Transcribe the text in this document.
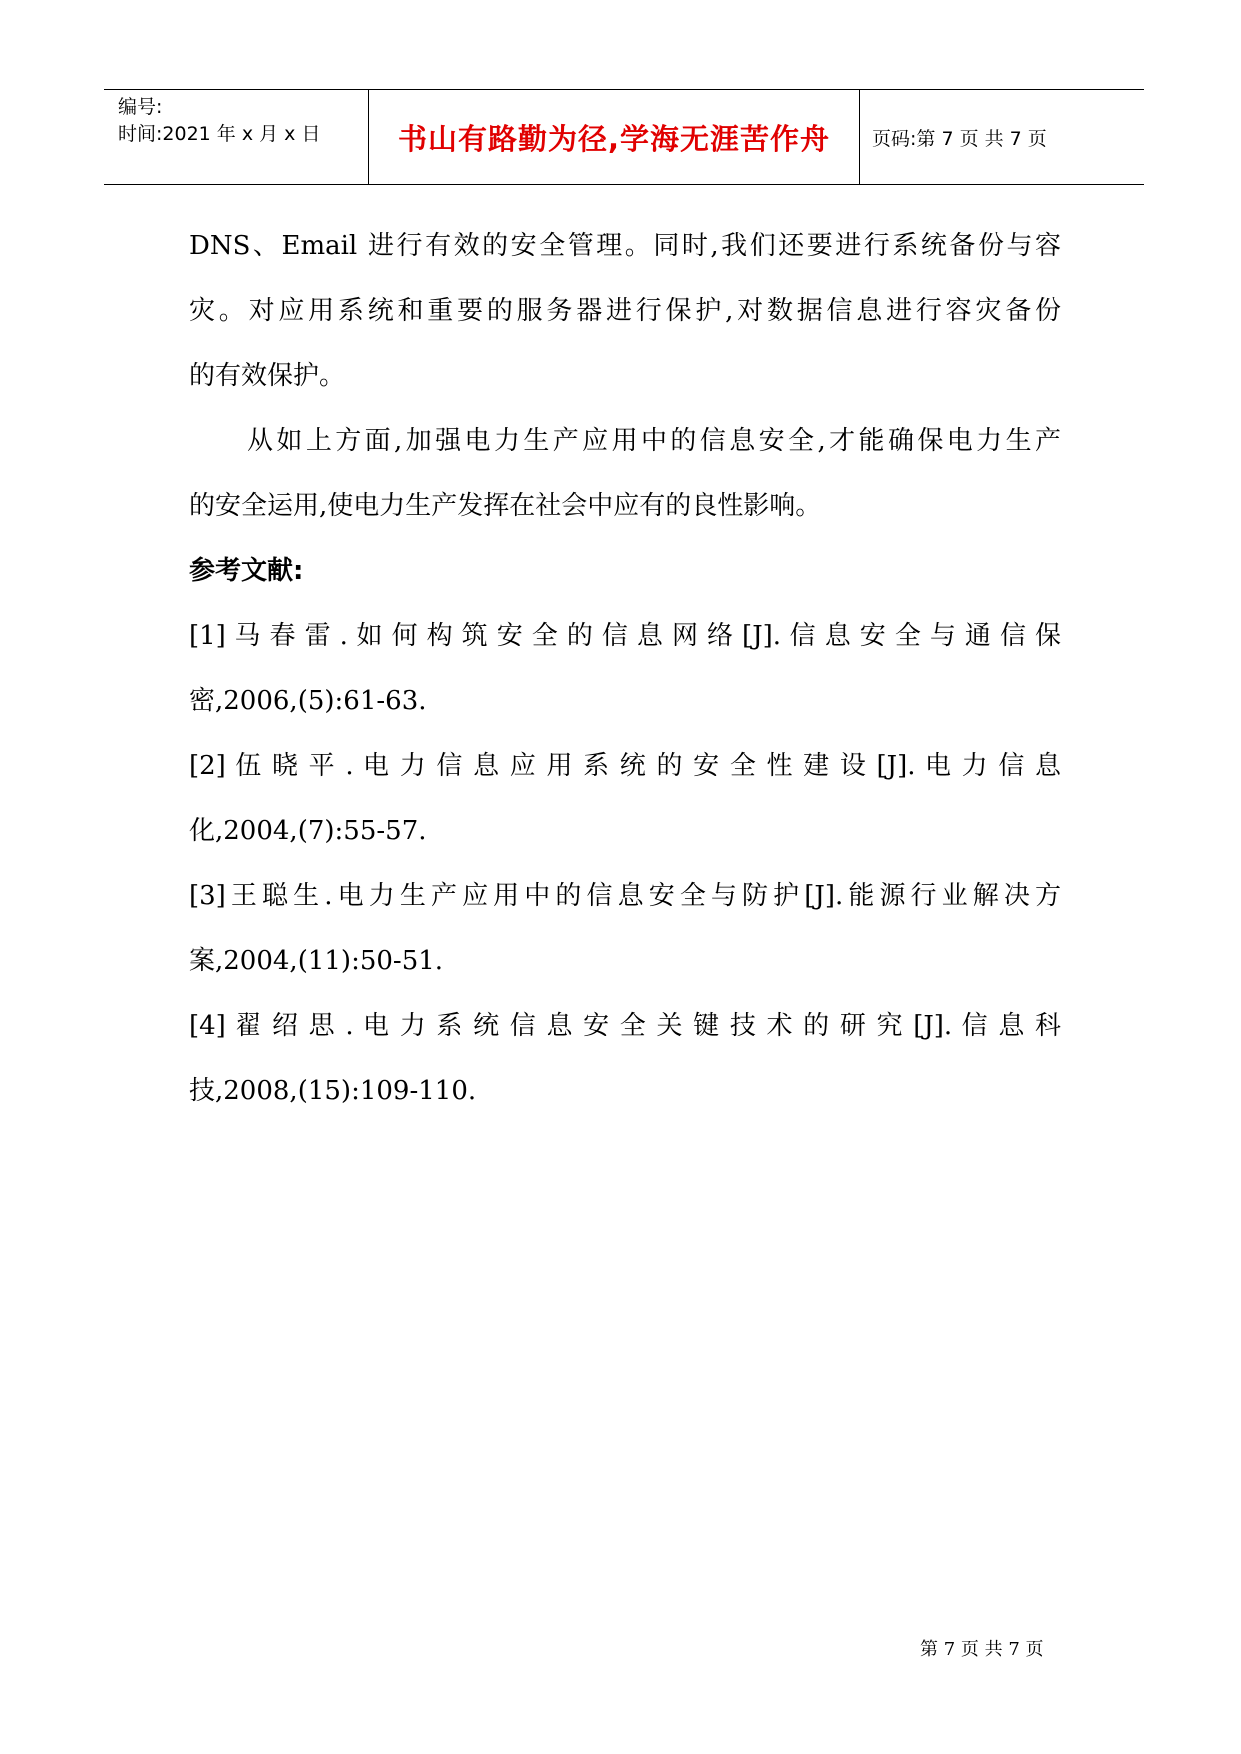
编号:
时间:2021 年 x 月 x 日	书山有路勤为径,学海无涯苦作舟 页码:第 7 页 共 7 页
DNS、Email 进行有效的安全管理。同时,我们还要进行系统备份与容
灾。对应用系统和重要的服务器进行保护,对数据信息进行容灾备份
的有效保护。
从如上方面,加强电力生产应用中的信息安全,才能确保电力生产
的安全运用,使电力生产发挥在社会中应有的良性影响。
参考文献:
[1] 马 春 雷 . 如 何 构 筑 安 全 的 信 息 网 络 [J]. 信 息 安 全 与 通 信 保
密,2006,(5):61-63.
[2] 伍 晓 平 . 电 力 信 息 应 用 系 统 的 安 全 性 建 设 [J]. 电 力 信 息
化,2004,(7):55-57.
[3]王聪生.电力生产应用中的信息安全与防护[J].能源行业解决方
案,2004,(11):50-51.
[4] 翟 绍 思 . 电 力 系 统 信 息 安 全 关 键 技 术 的 研 究 [J]. 信 息 科
技,2008,(15):109-110.
第 7 页 共 7 页
